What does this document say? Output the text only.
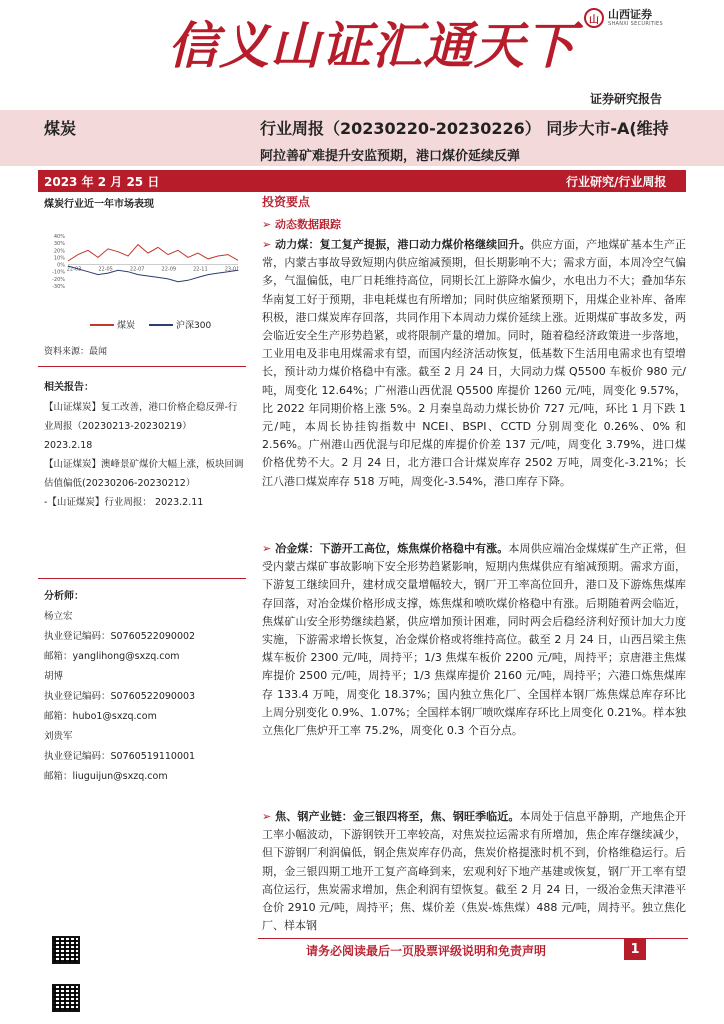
信义山证汇通天下	山 山西证券
SHANXI SECURITIES
证券研究报告
煤炭	行业周报（20230220-20230226） 同步大市-A(维持
阿拉善矿难提升安监预期，港口煤价延续反弹
2023 年 2 月 25 日	行业研究/行业周报
煤炭行业近一年市场表现
40%
30%
20%
10%
0%
-10%
-20%
-30%
22-03	22-05	22-07	22-09	22-11	23-01
煤炭	沪深300
资料来源：最闻
相关报告：
【山证煤炭】复工改善，港口价格企稳反弹-行业周报（20230213-20230219）
2023.2.18
【山证煤炭】澳峰景矿煤价大幅上涨，板块回调估值偏低(20230206-20230212）
-【山证煤炭】行业周报： 2023.2.11
分析师：
杨立宏
执业登记编码：S0760522090002
邮箱：yanglihong@sxzq.com
胡博
执业登记编码：S0760522090003
邮箱：hubo1@sxzq.com
刘贵军
执业登记编码：S0760519110001
邮箱：liuguijun@sxzq.com
投资要点
➢ 动态数据跟踪
➢ 动力煤：复工复产提振，港口动力煤价格继续回升。供应方面，产地煤矿基本生产正常，内蒙古事故导致短期内供应缩减预期，但长期影响不大；需求方面，本周冷空气偏多，气温偏低，电厂日耗维持高位，同期长江上游降水偏少，水电出力不大；叠加华东华南复工好于预期，非电耗煤也有所增加；同时供应缩紧预期下，用煤企业补库、备库积极，港口煤炭库存回落，共同作用下本周动力煤价延续上涨。近期煤矿事故多发，两会临近安全生产形势趋紧，或将限制产量的增加。同时，随着稳经济政策进一步落地，工业用电及非电用煤需求有望，而国内经济活动恢复，低基数下生活用电需求也有望增长，预计动力煤价格稳中有涨。截至 2 月 24 日，大同动力煤 Q5500 车板价 980 元/吨，周变化 12.64%；广州港山西优混 Q5500 库提价 1260 元/吨，周变化 9.57%，比 2022 年同期价格上涨 5%。2 月秦皇岛动力煤长协价 727 元/吨，环比 1 月下跌 1 元/吨，本周长协挂钩指数中 NCEI、BSPI、CCTD 分别周变化 0.26%、0% 和 2.56%。广州港山西优混与印尼煤的库提价价差 137 元/吨，周变化 3.79%，进口煤价格优势不大。2 月 24 日，北方港口合计煤炭库存 2502 万吨，周变化-3.21%；长江八港口煤炭库存 518 万吨，周变化-3.54%，港口库存下降。
➢ 冶金煤：下游开工高位，炼焦煤价格稳中有涨。本周供应端冶金煤煤矿生产正常，但受内蒙古煤矿事故影响下安全形势趋紧影响，短期内焦煤供应有缩减预期。需求方面，下游复工继续回升，建材成交量增幅较大，钢厂开工率高位回升，港口及下游炼焦煤库存回落，对冶金煤价格形成支撑，炼焦煤和喷吹煤价格稳中有涨。后期随着两会临近，焦煤矿山安全形势继续趋紧，供应增加预计困难，同时两会后稳经济利好预计加大力度实施，下游需求增长恢复，冶金煤价格或将维持高位。截至 2 月 24 日，山西吕梁主焦煤车板价 2300 元/吨，周持平；1/3 焦煤车板价 2200 元/吨，周持平；京唐港主焦煤库提价 2500 元/吨，周持平；1/3 焦煤库提价 2160 元/吨，周持平；六港口炼焦煤库存 133.4 万吨，周变化 18.37%；国内独立焦化厂、全国样本钢厂炼焦煤总库存环比上周分别变化 0.9%、1.07%；全国样本钢厂喷吹煤库存环比上周变化 0.21%。样本独立焦化厂焦炉开工率 75.2%，周变化 0.3 个百分点。
➢ 焦、钢产业链：金三银四将至，焦、钢旺季临近。本周处于信息平静期，产地焦企开工率小幅波动，下游钢铁开工率较高，对焦炭拉运需求有所增加，焦企库存继续减少，但下游钢厂利润偏低，钢企焦炭库存仍高，焦炭价格提涨时机不到，价格维稳运行。后期，金三银四期工地开工复产高峰到来，宏观利好下地产基建或恢复，钢厂开工率有望高位运行，焦炭需求增加，焦企利润有望恢复。截至 2 月 24 日，一级冶金焦天津港平仓价 2910 元/吨，周持平；焦、煤价差（焦炭-炼焦煤）488 元/吨，周持平。独立焦化厂、样本钢
请务必阅读最后一页股票评级说明和免责声明	1
